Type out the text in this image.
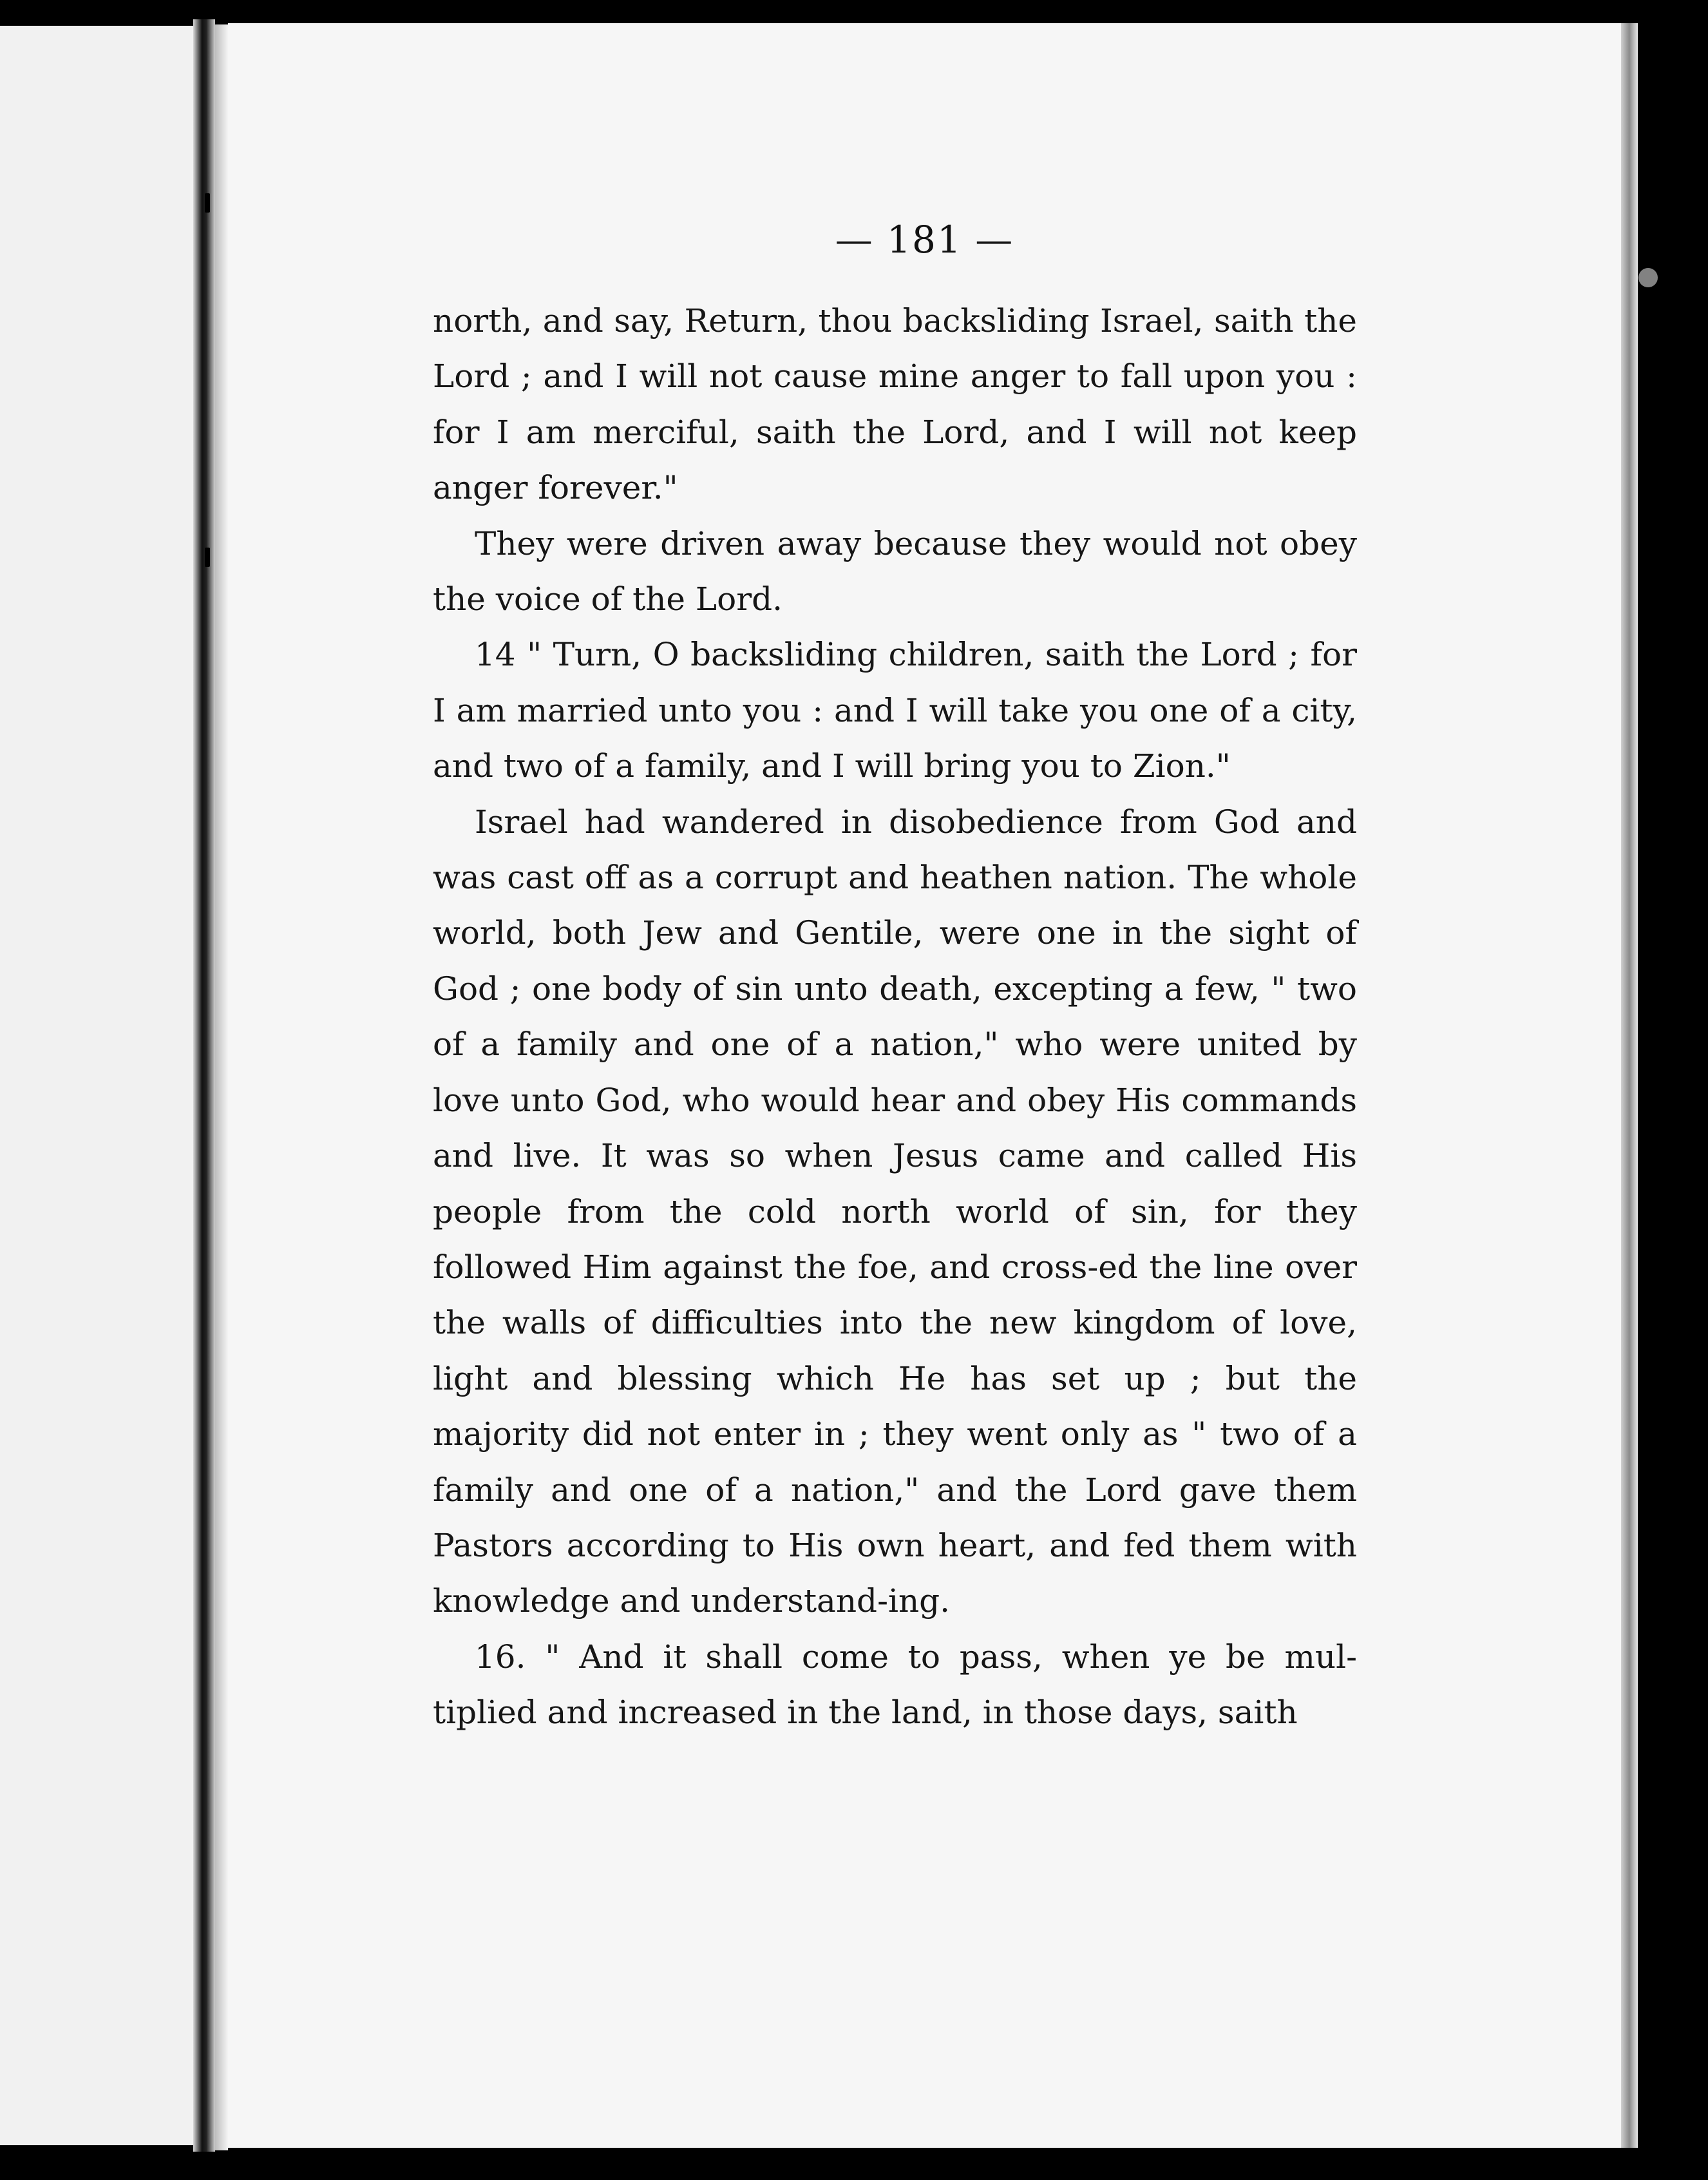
— 181 —

north, and say, Return, thou backsliding Israel, saith the Lord ; and I will not cause mine anger to fall upon you : for I am merciful, saith the Lord, and I will not keep anger forever."

They were driven away because they would not obey the voice of the Lord.

14 " Turn, O backsliding children, saith the Lord ; for I am married unto you : and I will take you one of a city, and two of a family, and I will bring you to Zion."

Israel had wandered in disobedience from God and was cast off as a corrupt and heathen nation. The whole world, both Jew and Gentile, were one in the sight of God ; one body of sin unto death, excepting a few, " two of a family and one of a nation," who were united by love unto God, who would hear and obey His commands and live. It was so when Jesus came and called His people from the cold north world of sin, for they followed Him against the foe, and cross-ed the line over the walls of difficulties into the new kingdom of love, light and blessing which He has set up ; but the majority did not enter in ; they went only as " two of a family and one of a nation," and the Lord gave them Pastors according to His own heart, and fed them with knowledge and understand-ing.

16. " And it shall come to pass, when ye be mul-tiplied and increased in the land, in those days, saith
